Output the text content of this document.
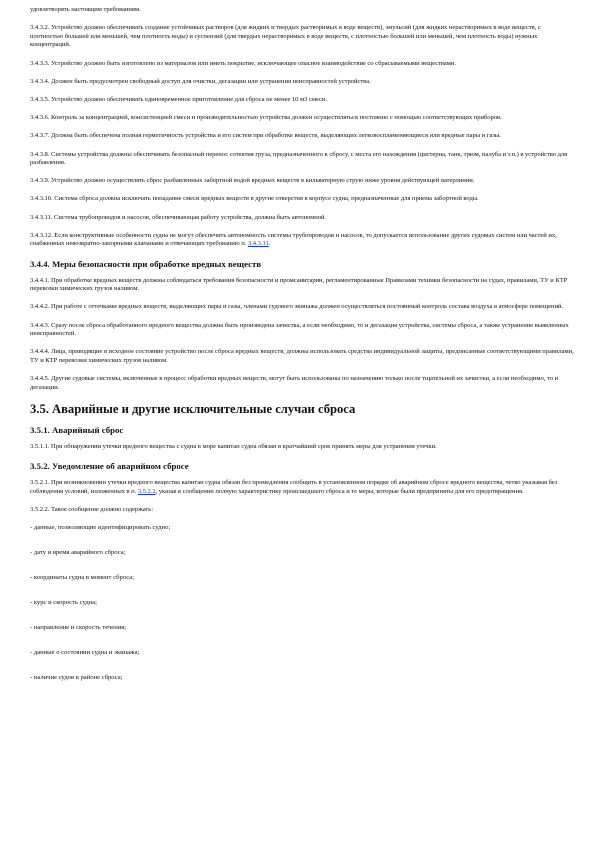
удовлетворять настоящим требованиям.
3.4.3.2. Устройство должно обеспечивать создание устойчивых растворов (для жидких и твердых растворимых в воде веществ), эмульсий (для жидких нерастворимых в воде веществ, с плотностью большей или меньшей, чем плотность воды) и суспензий (для твердых нерастворимых в воде веществ, с плотностью большей или меньшей, чем плотность воды) нужных концентраций.
3.4.3.3. Устройство должно быть изготовлено из материалов или иметь покрытие, исключающее опасное взаимодействие со сбрасываемыми веществами.
3.4.3.4. Должен быть предусмотрен свободный доступ для очистки, дегазации или устранения неисправностей устройства.
3.4.3.5. Устройство должно обеспечивать единовременное приготовление для сброса не менее 10 м3 смеси.
3.4.3.6. Контроль за концентрацией, консистенцией смеси и производительностью устройства должен осуществляться постоянно с помощью соответствующих приборов.
3.4.3.7. Должна быть обеспечена полная герметичность устройства и его систем при обработке веществ, выделяющих легковоспламеняющиеся или вредные пары и газы.
3.4.3.8. Системы устройства должны обеспечивать безопасный перенос сотектия груза, предназначенного к сбросу, с места его нахождения (цистерна, танк, трюм, палуба и т.п.) в устройство для разбавления.
3.4.3.9. Устройство должно осуществлять сброс разбавленных забортной водой вредных веществ в кильватерную струю ниже уровня действующей ватерлинии.
3.4.3.10. Система сброса должна исключать попадание смеси вредных веществ в другие отверстия в корпусе судна, предназначенные для приема забортной воды.
3.4.3.11. Система трубопроводов и насосов, обеспечивающая работу устройства, должна быть автономной.
3.4.3.12. Если конструктивные особенности судна не могут обеспечить автономность системы трубопроводов и насосов, то допускается использование других судовых систем или частей их, снабженных невозвратно-запорными клапанами и отвечающих требованию п. 3.4.3.11.
3.4.4. Меры безопасности при обработке вредных веществ
3.4.4.1. При обработке вредных веществ должны соблюдаться требования безопасности и промсанитарии, регламентированные Правилами техники безопасности на судах, правилами, ТУ и КТР перевозки химических грузов наливом.
3.4.4.2. При работе с оттечками вредных веществ, выделяющих пары и газы, членами судового экипажа должен осуществляться постоянный контроль состава воздуха в атмосфере помещений.
3.4.4.3. Сразу после сброса обработанного вредного вещества должна быть произведена зачистка, а если необходимо, то и дегазация устройства, системы сброса, а также устранение выявленных неисправностей.
3.4.4.4. Лица, приводящие в исходное состояние устройство после сброса вредных веществ, должны использовать средства индивидуальной защиты, предписанные соответствующими правилами, ТУ и КТР перевозки химических грузов наливом.
3.4.4.5. Другие судовые системы, включенные в процесс обработки вредных веществ, могут быть использованы по назначению только после тщательной их зачистки, а если необходимо, то и дегазации.
3.5. Аварийные и другие исключительные случаи сброса
3.5.1. Аварийный сброс
3.5.1.1. При обнаружении утечки вредного вещества с судна в море капитан судна обязан в кратчайший срок принять меры для устранения утечки.
3.5.2. Уведомление об аварийном сбросе
3.5.2.1. При возникновении утечки вредного вещества капитан судна обязан без промедления сообщить в установленном порядке об аварийном сбросе вредного вещества, четко указывая без соблюдения условий, изложенных в п. 3.5.2.2, указав в сообщении полную характеристику происшедшего сброса и те меры, которые были предприняты для его предотвращения.
3.5.2.2. Такое сообщение должно содержать:
- данные, позволяющие идентифицировать судно;
- дату и время аварийного сброса;
- координаты судна в момент сброса;
- курс и скорость судна;
- направление и скорость течения;
- данные о состоянии судна и экипажа;
- наличие судов в районе сброса;
